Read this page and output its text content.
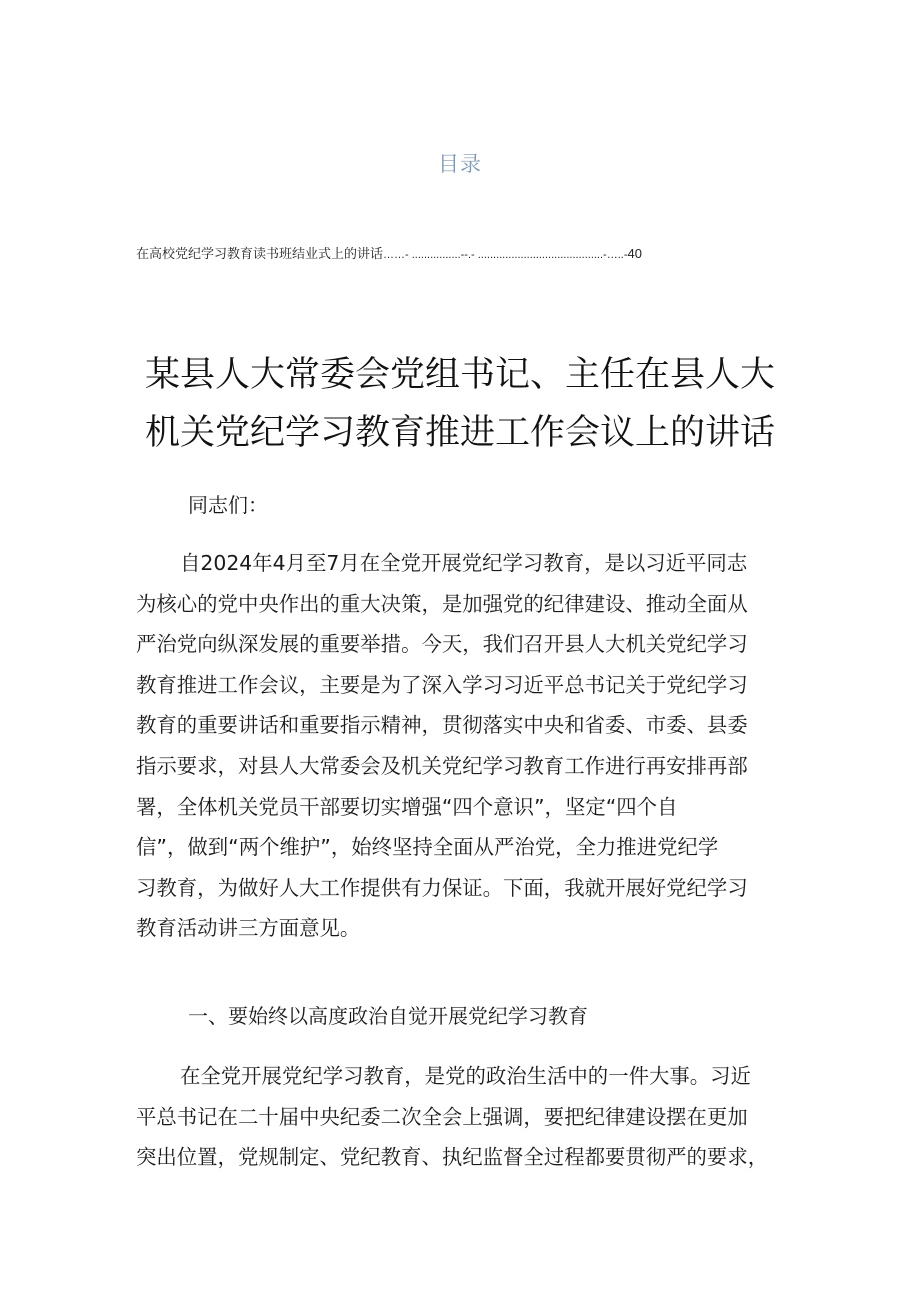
目录
在高校党纪学习教育读书班结业式上的讲话……- ................--.- .........................................-…..-40
某县人大常委会党组书记、主任在县人大
机关党纪学习教育推进工作会议上的讲话
同志们：
自2024年4月至7月在全党开展党纪学习教育，是以习近平同志
为核心的党中央作出的重大决策，是加强党的纪律建设、推动全面从
严治党向纵深发展的重要举措。今天，我们召开县人大机关党纪学习
教育推进工作会议，主要是为了深入学习习近平总书记关于党纪学习
教育的重要讲话和重要指示精神，贯彻落实中央和省委、市委、县委
指示要求，对县人大常委会及机关党纪学习教育工作进行再安排再部
署，全体机关党员干部要切实增强“四个意识”，坚定“四个自
信”，做到“两个维护”，始终坚持全面从严治党，全力推进党纪学
习教育，为做好人大工作提供有力保证。下面，我就开展好党纪学习
教育活动讲三方面意见。
一、要始终以高度政治自觉开展党纪学习教育
在全党开展党纪学习教育，是党的政治生活中的一件大事。习近
平总书记在二十届中央纪委二次全会上强调，要把纪律建设摆在更加
突出位置，党规制定、党纪教育、执纪监督全过程都要贯彻严的要求，
